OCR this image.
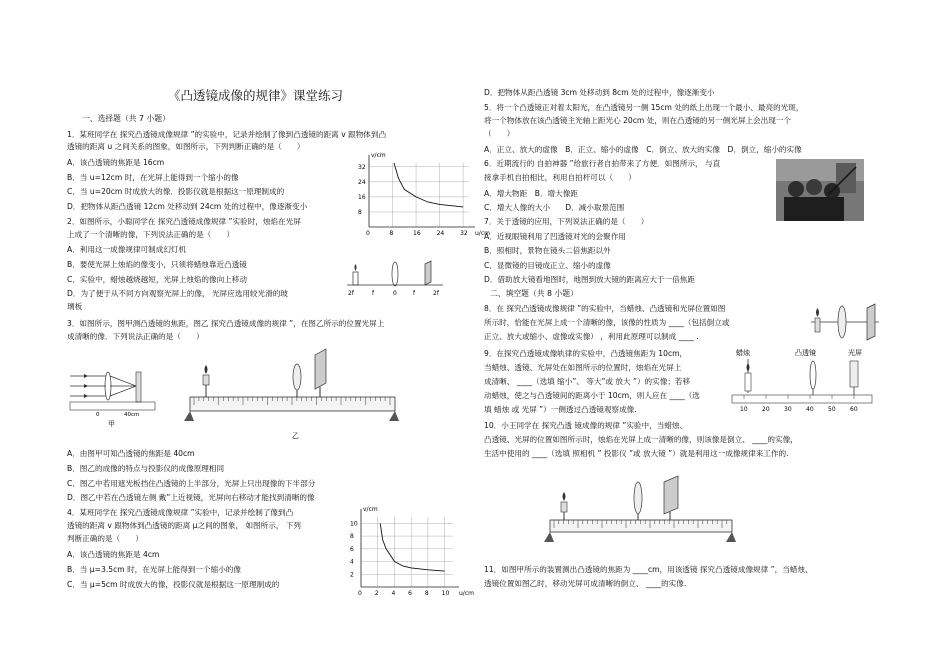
《凸透镜成像的规律》课堂练习
一、选择题（共 7 小题）
1．某班同学在 探究凸透镜成像规律 ”的实验中，记录并绘制了像到凸透镜的距离 v 跟物体到凸
透镜的距离 u 之间关系的图象，如图所示，下列判断正确的是（　　）
A．该凸透镜的焦距是 16cm
B．当 u=12cm 时，在光屏上能得到一个缩小的像
C．当 u=20cm 时成放大的像．投影仪就是根据这一原理制成的
D．把物体从距凸透镜 12cm 处移动到 24cm 处的过程中，像逐渐变小
0	8	16	24	32
8
16
24
32
v/cm
u/cm
2．如图所示，小聪同学在 探究凸透镜成像规律 ”实验时，烛焰在光屏
上成了一个清晰的像，下列说法正确的是（　　）
A．利用这一成像规律可制成幻灯机
B．要使光屏上烛焰的像变小，只须将蜡烛靠近凸透镜
C．实验中，蜡烛越烧越短，光屏上烛焰的像向上移动
D．为了便于从不同方向观察光屏上的像， 光屏应选用较光滑的玻
璃板
2f	f	0	f	2f
3．如图所示，图甲测凸透镜的焦距，图乙 探究凸透镜成像的规律 ”，在图乙所示的位置光屏上
成清晰的像．下列说法正确的是（　　）
0	40cm
甲
乙
A．由图甲可知凸透镜的焦距是 40cm
B．图乙的成像的特点与投影仪的成像原理相同
C．图乙中若用遮光板挡住凸透镜的上半部分，光屏上只出现像的下半部分
D．图乙中若在凸透镜左侧 戴”上近视镜，光屏向右移动才能找到清晰的像
4．某班同学在 探究凸透镜成像规律 ”实验中，记录并绘制了像到凸
透镜的距离 v 跟物体到凸透镜的距离 μ之间的图象， 如图所示， 下列
判断正确的是（　　）
A．该凸透镜的焦距是 4cm
B．当 μ=3.5cm 时，在光屏上能得到一个缩小的像
C．当 μ=5cm 时成放大的像，投影仪就是根据这一原理制成的
0 2 4 6 8 10
2
4
6
8
10
v/cm
u/cm
D．把物体从距凸透镜 3cm 处移动到 8cm 处的过程中，像逐渐变小
5．将一个凸透镜正对着太阳光，在凸透镜另一侧 15cm 处的纸上出现一个最小、最亮的光斑，
将一个物体放在该凸透镜主光轴上距光心 20cm 处，则在凸透镜的另一侧光屏上会出现一个
（　　）
A．正立、放大的虚像　B．正立、缩小的虚像　C．倒立、放大的实像　D．倒立，缩小的实像
6．近期流行的 自拍神器 ”给旅行者自拍带来了方便．如图所示， 与直
接拿手机自拍相比，利用自拍杆可以（　　）
A．增大物距　B．增大像距
C．增大人像的大小　　D．减小取景范围
7．关于透镜的应用，下列说法正确的是（　　）
A．近视眼镜利用了凹透镜对光的会聚作用
B．照相时，景物在镜头二倍焦距以外
C．显微镜的目镜成正立、缩小的虚像
D．借助放大镜看地图时，地图到放大镜的距离应大于一倍焦距
二、填空题（共 8 小题）
8．在 探究凸透镜成像规律 ”的实验中，当蜡烛、凸透镜和光屏位置如图
所示时，恰能在光屏上成一个清晰的像，该像的性质为 ____（包括倒立或
正立、放大或缩小、虚像或实像） ，利用此原理可以制成 ____ .
9．在探究凸透镜成像轨律的实验中，凸透镜焦距为 10cm，
当蜡烛、透镜、光屏处在如图所示的位置时，烛焰在光屏上
成清晰、 ____（选填 缩小”、 等大”或 放大 ”）的实像；若移
动蜡烛，使之与凸透镜间的距离小于 10cm，则人应在 ____（选
填 蜡烛 或 光屏 ”）一侧透过凸透镜观察成像.
蜡烛	凸透镜	光屏
10 20 30 40 50 60
10．小王同学在 探究凸透 镜成像的规律 ”实验中，当蜡烛、
凸透镜、光屏的位置如图所示时，烛焰在光屏上成一清晰的像，则该像是倒立、 ____的实像，
生活中使用的 ____（选填 照相机 ” 投影仪 ”或 放大镜 ”）就是利用这一成像规律来工作的.
11．如图甲所示的装置测出凸透镜的焦距为 ____cm，用该透镜 探究凸透镜成像规律 ”，当蜡烛、
透镜位置如图乙时，移动光屏可成清晰的倒立、 ____的实像.
